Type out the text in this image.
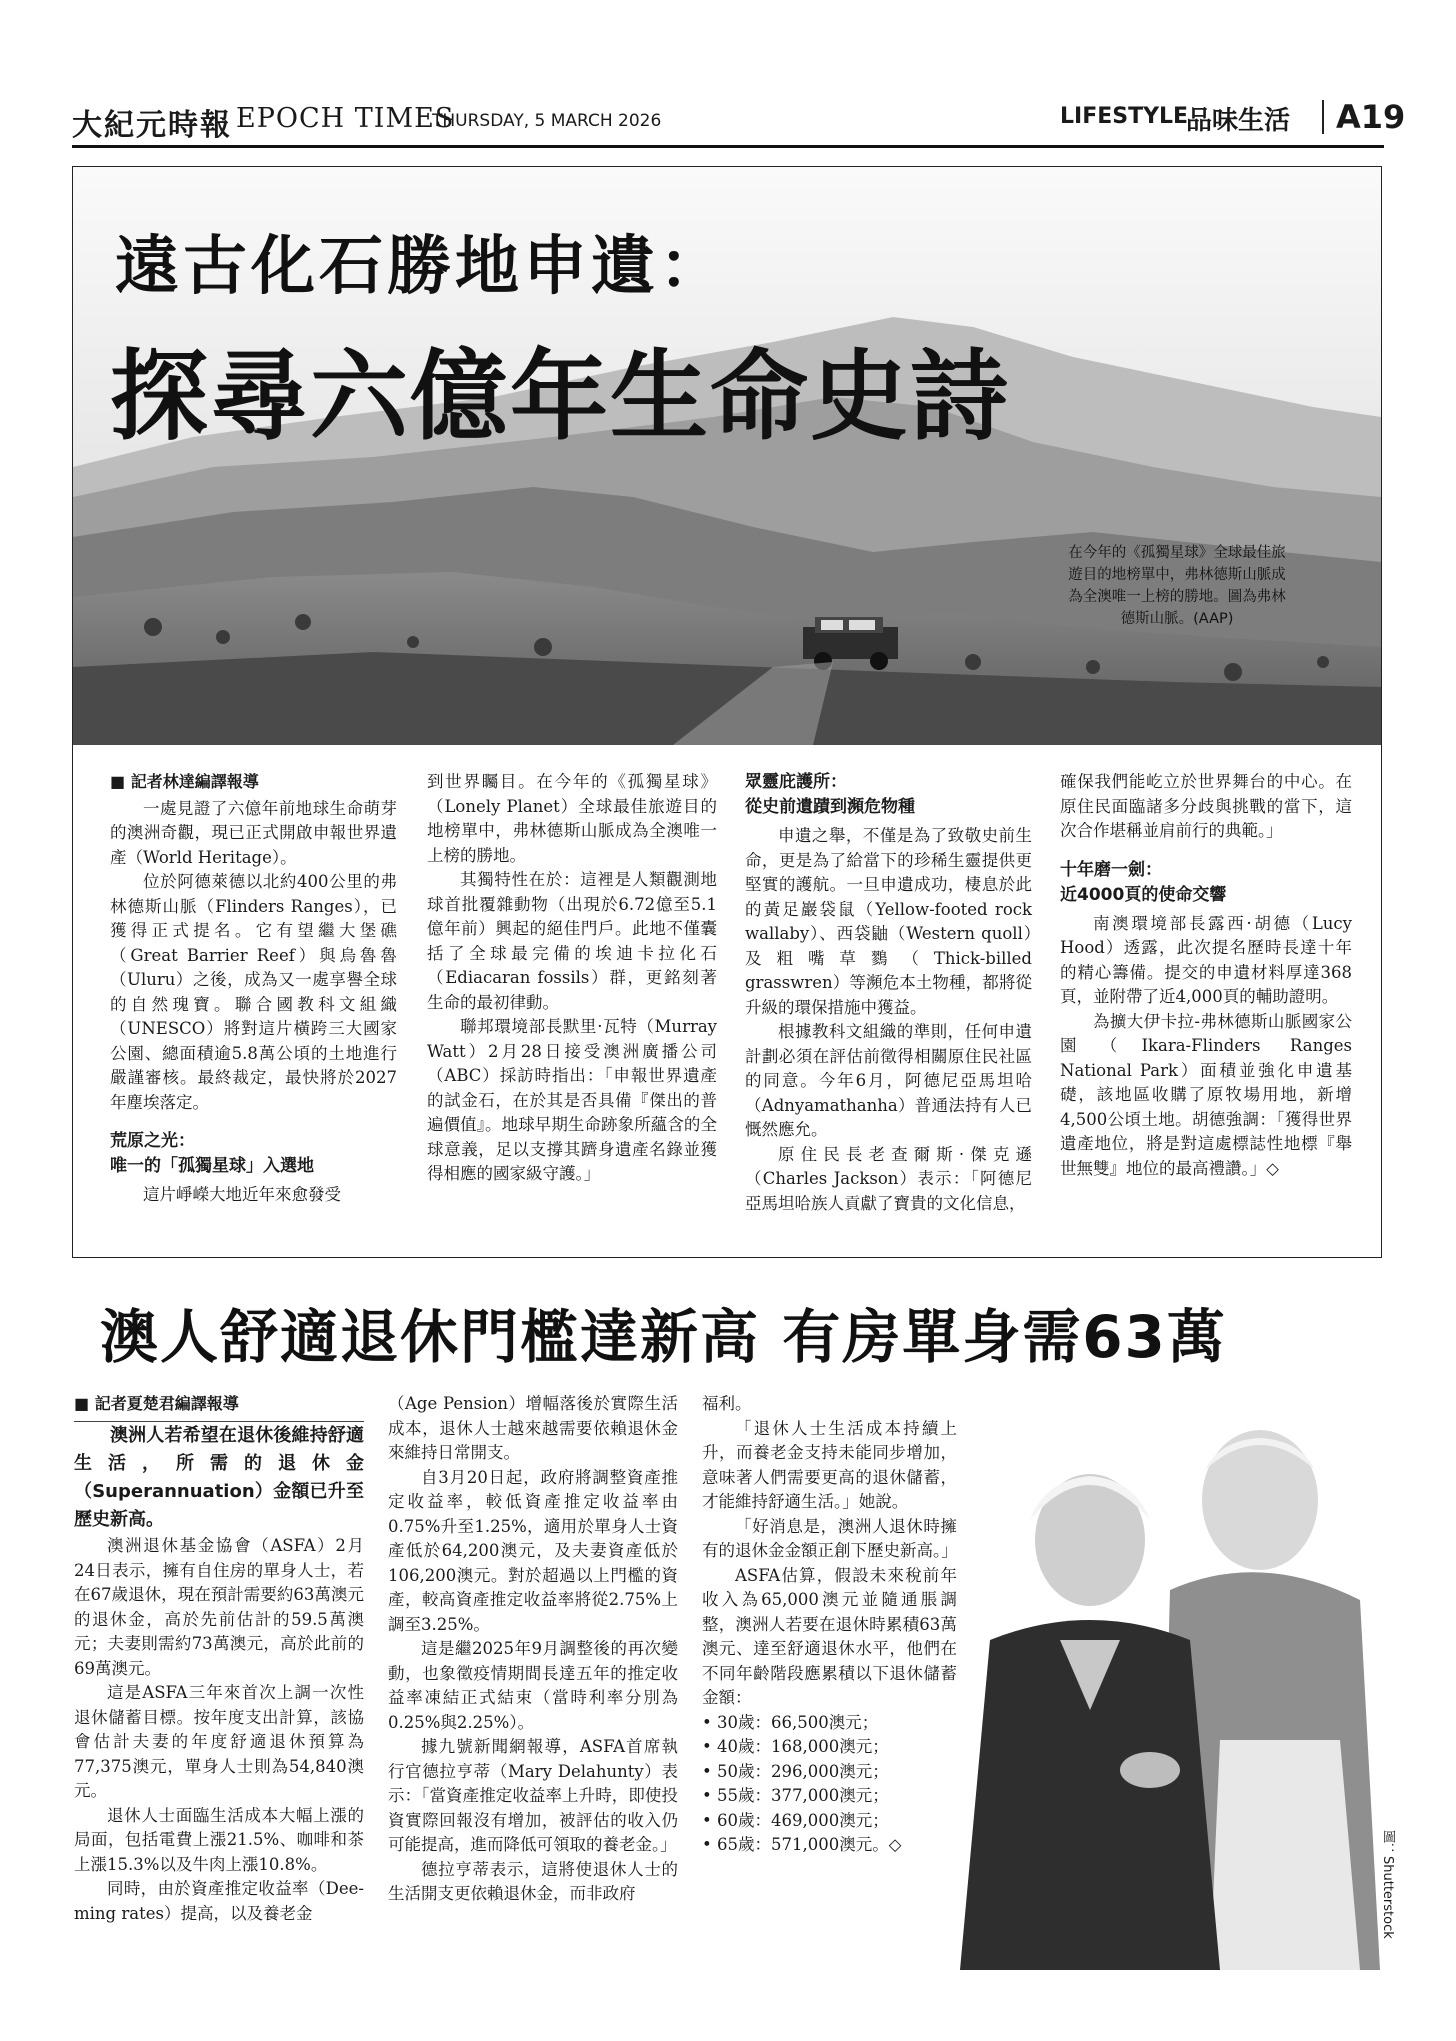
大紀元時報 EPOCH TIMES
THURSDAY, 5 MARCH 2026	LIFESTYLE
品味生活 A19
遠古化石勝地申遺：
探尋六億年生命史詩
在今年的《孤獨星球》全球最佳旅遊目的地榜單中，弗林德斯山脈成為全澳唯一上榜的勝地。圖為弗林德斯山脈。(AAP)

■ 記者林達編譯報導

一處見證了六億年前地球生命萌芽的澳洲奇觀，現已正式開啟申報世界遺產（World Heritage）。

位於阿德萊德以北約400公里的弗林德斯山脈（Flinders Ranges），已獲得正式提名。它有望繼大堡礁（Great Barrier Reef）與烏魯魯（Uluru）之後，成為又一處享譽全球的自然瑰寶。聯合國教科文組織（UNESCO）將對這片橫跨三大國家公園、總面積逾5.8萬公頃的土地進行嚴謹審核。最終裁定，最快將於2027年塵埃落定。

荒原之光：
唯一的「孤獨星球」入選地

這片崢嶸大地近年來愈發受

到世界矚目。在今年的《孤獨星球》（Lonely Planet）全球最佳旅遊目的地榜單中，弗林德斯山脈成為全澳唯一上榜的勝地。

其獨特性在於：這裡是人類觀測地球首批覆雜動物（出現於6.72億至5.1億年前）興起的絕佳門戶。此地不僅囊括了全球最完備的埃迪卡拉化石（Ediacaran fossils）群，更銘刻著生命的最初律動。

聯邦環境部長默里·瓦特（Murray Watt）2月28日接受澳洲廣播公司（ABC）採訪時指出：「申報世界遺產的試金石，在於其是否具備『傑出的普遍價值』。地球早期生命跡象所蘊含的全球意義，足以支撐其躋身遺產名錄並獲得相應的國家級守護。」

眾靈庇護所：
從史前遺蹟到瀕危物種

申遺之舉，不僅是為了致敬史前生命，更是為了給當下的珍稀生靈提供更堅實的護航。一旦申遺成功，棲息於此的黃足巖袋鼠（Yellow-footed rock wallaby）、西袋鼬（Western quoll）及粗嘴草鷚（Thick-billed grasswren）等瀕危本土物種，都將從升級的環保措施中獲益。

根據教科文組織的準則，任何申遺計劃必須在評估前徵得相關原住民社區的同意。今年6月，阿德尼亞馬坦哈（Adnyamathanha）普通法持有人已慨然應允。

原住民長老查爾斯·傑克遜（Charles Jackson）表示：「阿德尼亞馬坦哈族人貢獻了寶貴的文化信息，

確保我們能屹立於世界舞台的中心。在原住民面臨諸多分歧與挑戰的當下，這次合作堪稱並肩前行的典範。」

十年磨一劍：
近4000頁的使命交響

南澳環境部長露西·胡德（Lucy Hood）透露，此次提名歷時長達十年的精心籌備。提交的申遺材料厚達368頁，並附帶了近4,000頁的輔助證明。

為擴大伊卡拉-弗林德斯山脈國家公園（Ikara-Flinders Ranges National Park）面積並強化申遺基礎，該地區收購了原牧場用地，新增4,500公頃土地。胡德強調：「獲得世界遺產地位，將是對這處標誌性地標『舉世無雙』地位的最高禮讚。」◇

澳人舒適退休門檻達新高 有房單身需63萬

■ 記者夏楚君編譯報導

澳洲人若希望在退休後維持舒適生活，所需的退休金（Superannuation）金額已升至歷史新高。

澳洲退休基金協會（ASFA）2月24日表示，擁有自住房的單身人士，若在67歲退休，現在預計需要約63萬澳元的退休金，高於先前估計的59.5萬澳元；夫妻則需約73萬澳元，高於此前的69萬澳元。

這是ASFA三年來首次上調一次性退休儲蓄目標。按年度支出計算，該協會估計夫妻的年度舒適退休預算為77,375澳元，單身人士則為54,840澳元。

退休人士面臨生活成本大幅上漲的局面，包括電費上漲21.5%、咖啡和茶上漲15.3%以及牛肉上漲10.8%。

同時，由於資產推定收益率（Dee-ming rates）提高，以及養老金

（Age Pension）增幅落後於實際生活成本，退休人士越來越需要依賴退休金來維持日常開支。

自3月20日起，政府將調整資產推定收益率，較低資產推定收益率由0.75%升至1.25%，適用於單身人士資產低於64,200澳元，及夫妻資產低於106,200澳元。對於超過以上門檻的資產，較高資產推定收益率將從2.75%上調至3.25%。

這是繼2025年9月調整後的再次變動，也象徵疫情期間長達五年的推定收益率凍結正式結束（當時利率分別為0.25%與2.25%）。

據九號新聞網報導，ASFA首席執行官德拉亨蒂（Mary Delahunty）表示：「當資產推定收益率上升時，即使投資實際回報沒有增加，被評估的收入仍可能提高，進而降低可領取的養老金。」

德拉亨蒂表示，這將使退休人士的生活開支更依賴退休金，而非政府

福利。

「退休人士生活成本持續上升，而養老金支持未能同步增加，意味著人們需要更高的退休儲蓄，才能維持舒適生活。」她說。

「好消息是，澳洲人退休時擁有的退休金金額正創下歷史新高。」

ASFA估算，假設未來稅前年收入為65,000澳元並隨通脹調整，澳洲人若要在退休時累積63萬澳元、達至舒適退休水平，他們在不同年齡階段應累積以下退休儲蓄金額：

• 30歲：66,500澳元；
• 40歲：168,000澳元；
• 50歲：296,000澳元；
• 55歲：377,000澳元；
• 60歲：469,000澳元；
• 65歲：571,000澳元。◇	圖：Shutterstock
